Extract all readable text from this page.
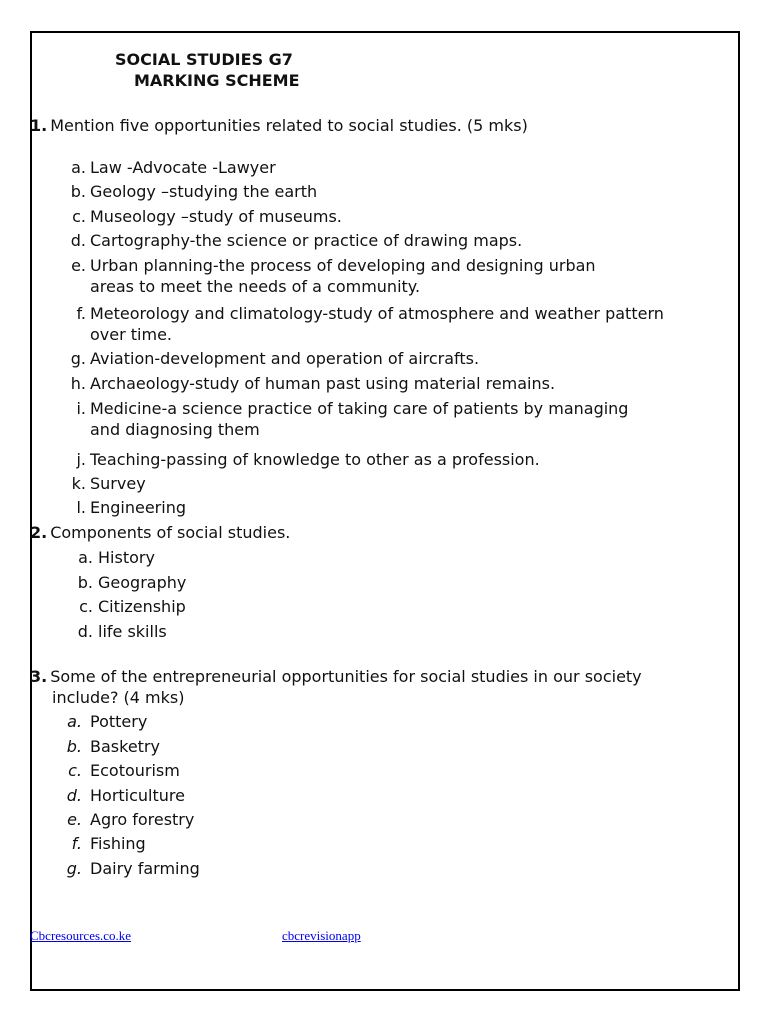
SOCIAL STUDIES G7
MARKING SCHEME
1. Mention five opportunities related to social studies. (5 mks)
a. Law -Advocate -Lawyer
b. Geology –studying the earth
c. Museology –study of museums.
d. Cartography-the science or practice of drawing maps.
e. Urban planning-the process of developing and designing urban
areas to meet the needs of a community.
f. Meteorology and climatology-study of atmosphere and weather pattern
over time.
g. Aviation-development and operation of aircrafts.
h. Archaeology-study of human past using material remains.
i. Medicine-a science practice of taking care of patients by managing
and diagnosing them
j. Teaching-passing of knowledge to other as a profession.
k. Survey
l. Engineering
2. Components of social studies.
a. History
b. Geography
c. Citizenship
d. life skills
3. Some of the entrepreneurial opportunities for social studies in our society
include? (4 mks)
a. Pottery
b. Basketry
c. Ecotourism
d. Horticulture
e. Agro forestry
f. Fishing
g. Dairy farming
Cbcresources.co.ke	cbcrevisionapp
